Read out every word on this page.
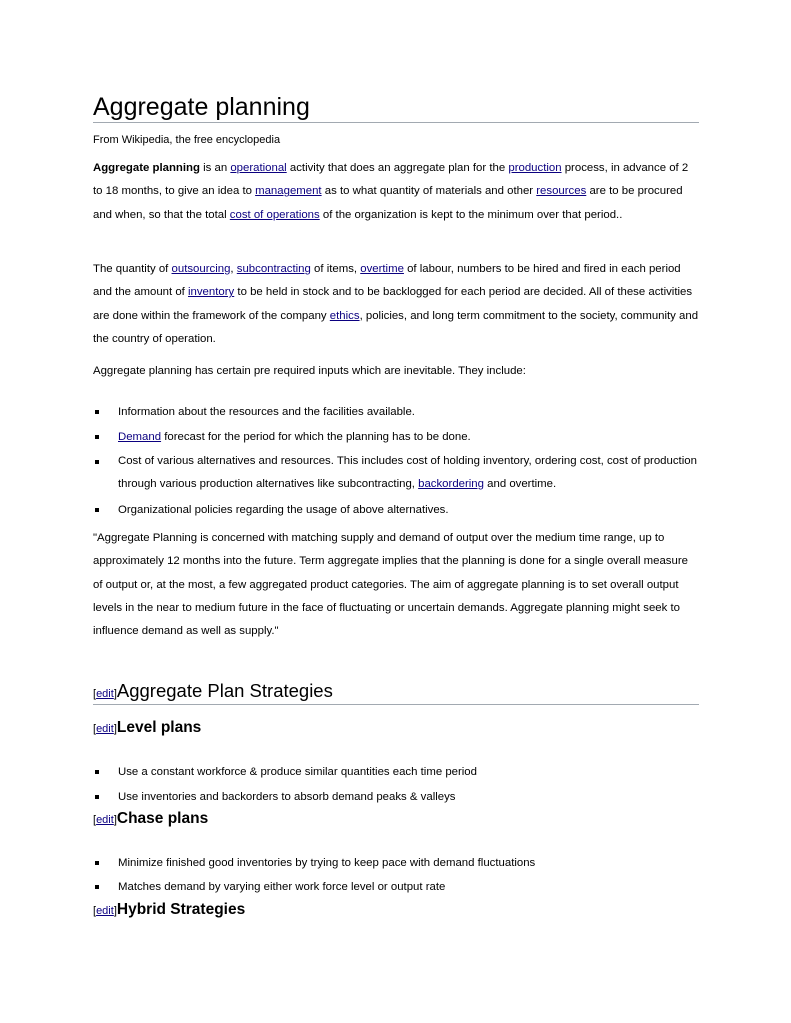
Aggregate planning
From Wikipedia, the free encyclopedia

Aggregate planning is an operational activity that does an aggregate plan for the production process, in advance of 2 to 18 months, to give an idea to management as to what quantity of materials and other resources are to be procured and when, so that the total cost of operations of the organization is kept to the minimum over that period..

The quantity of outsourcing, subcontracting of items, overtime of labour, numbers to be hired and fired in each period and the amount of inventory to be held in stock and to be backlogged for each period are decided. All of these activities are done within the framework of the company ethics, policies, and long term commitment to the society, community and the country of operation.

Aggregate planning has certain pre required inputs which are inevitable. They include:

Information about the resources and the facilities available.
Demand forecast for the period for which the planning has to be done.
Cost of various alternatives and resources. This includes cost of holding inventory, ordering cost, cost of production through various production alternatives like subcontracting, backordering and overtime.
Organizational policies regarding the usage of above alternatives.

"Aggregate Planning is concerned with matching supply and demand of output over the medium time range, up to approximately 12 months into the future. Term aggregate implies that the planning is done for a single overall measure of output or, at the most, a few aggregated product categories. The aim of aggregate planning is to set overall output levels in the near to medium future in the face of fluctuating or uncertain demands. Aggregate planning might seek to influence demand as well as supply."

[edit]Aggregate Plan Strategies
[edit]Level plans
Use a constant workforce & produce similar quantities each time period
Use inventories and backorders to absorb demand peaks & valleys
[edit]Chase plans
Minimize finished good inventories by trying to keep pace with demand fluctuations
Matches demand by varying either work force level or output rate
[edit]Hybrid Strategies
